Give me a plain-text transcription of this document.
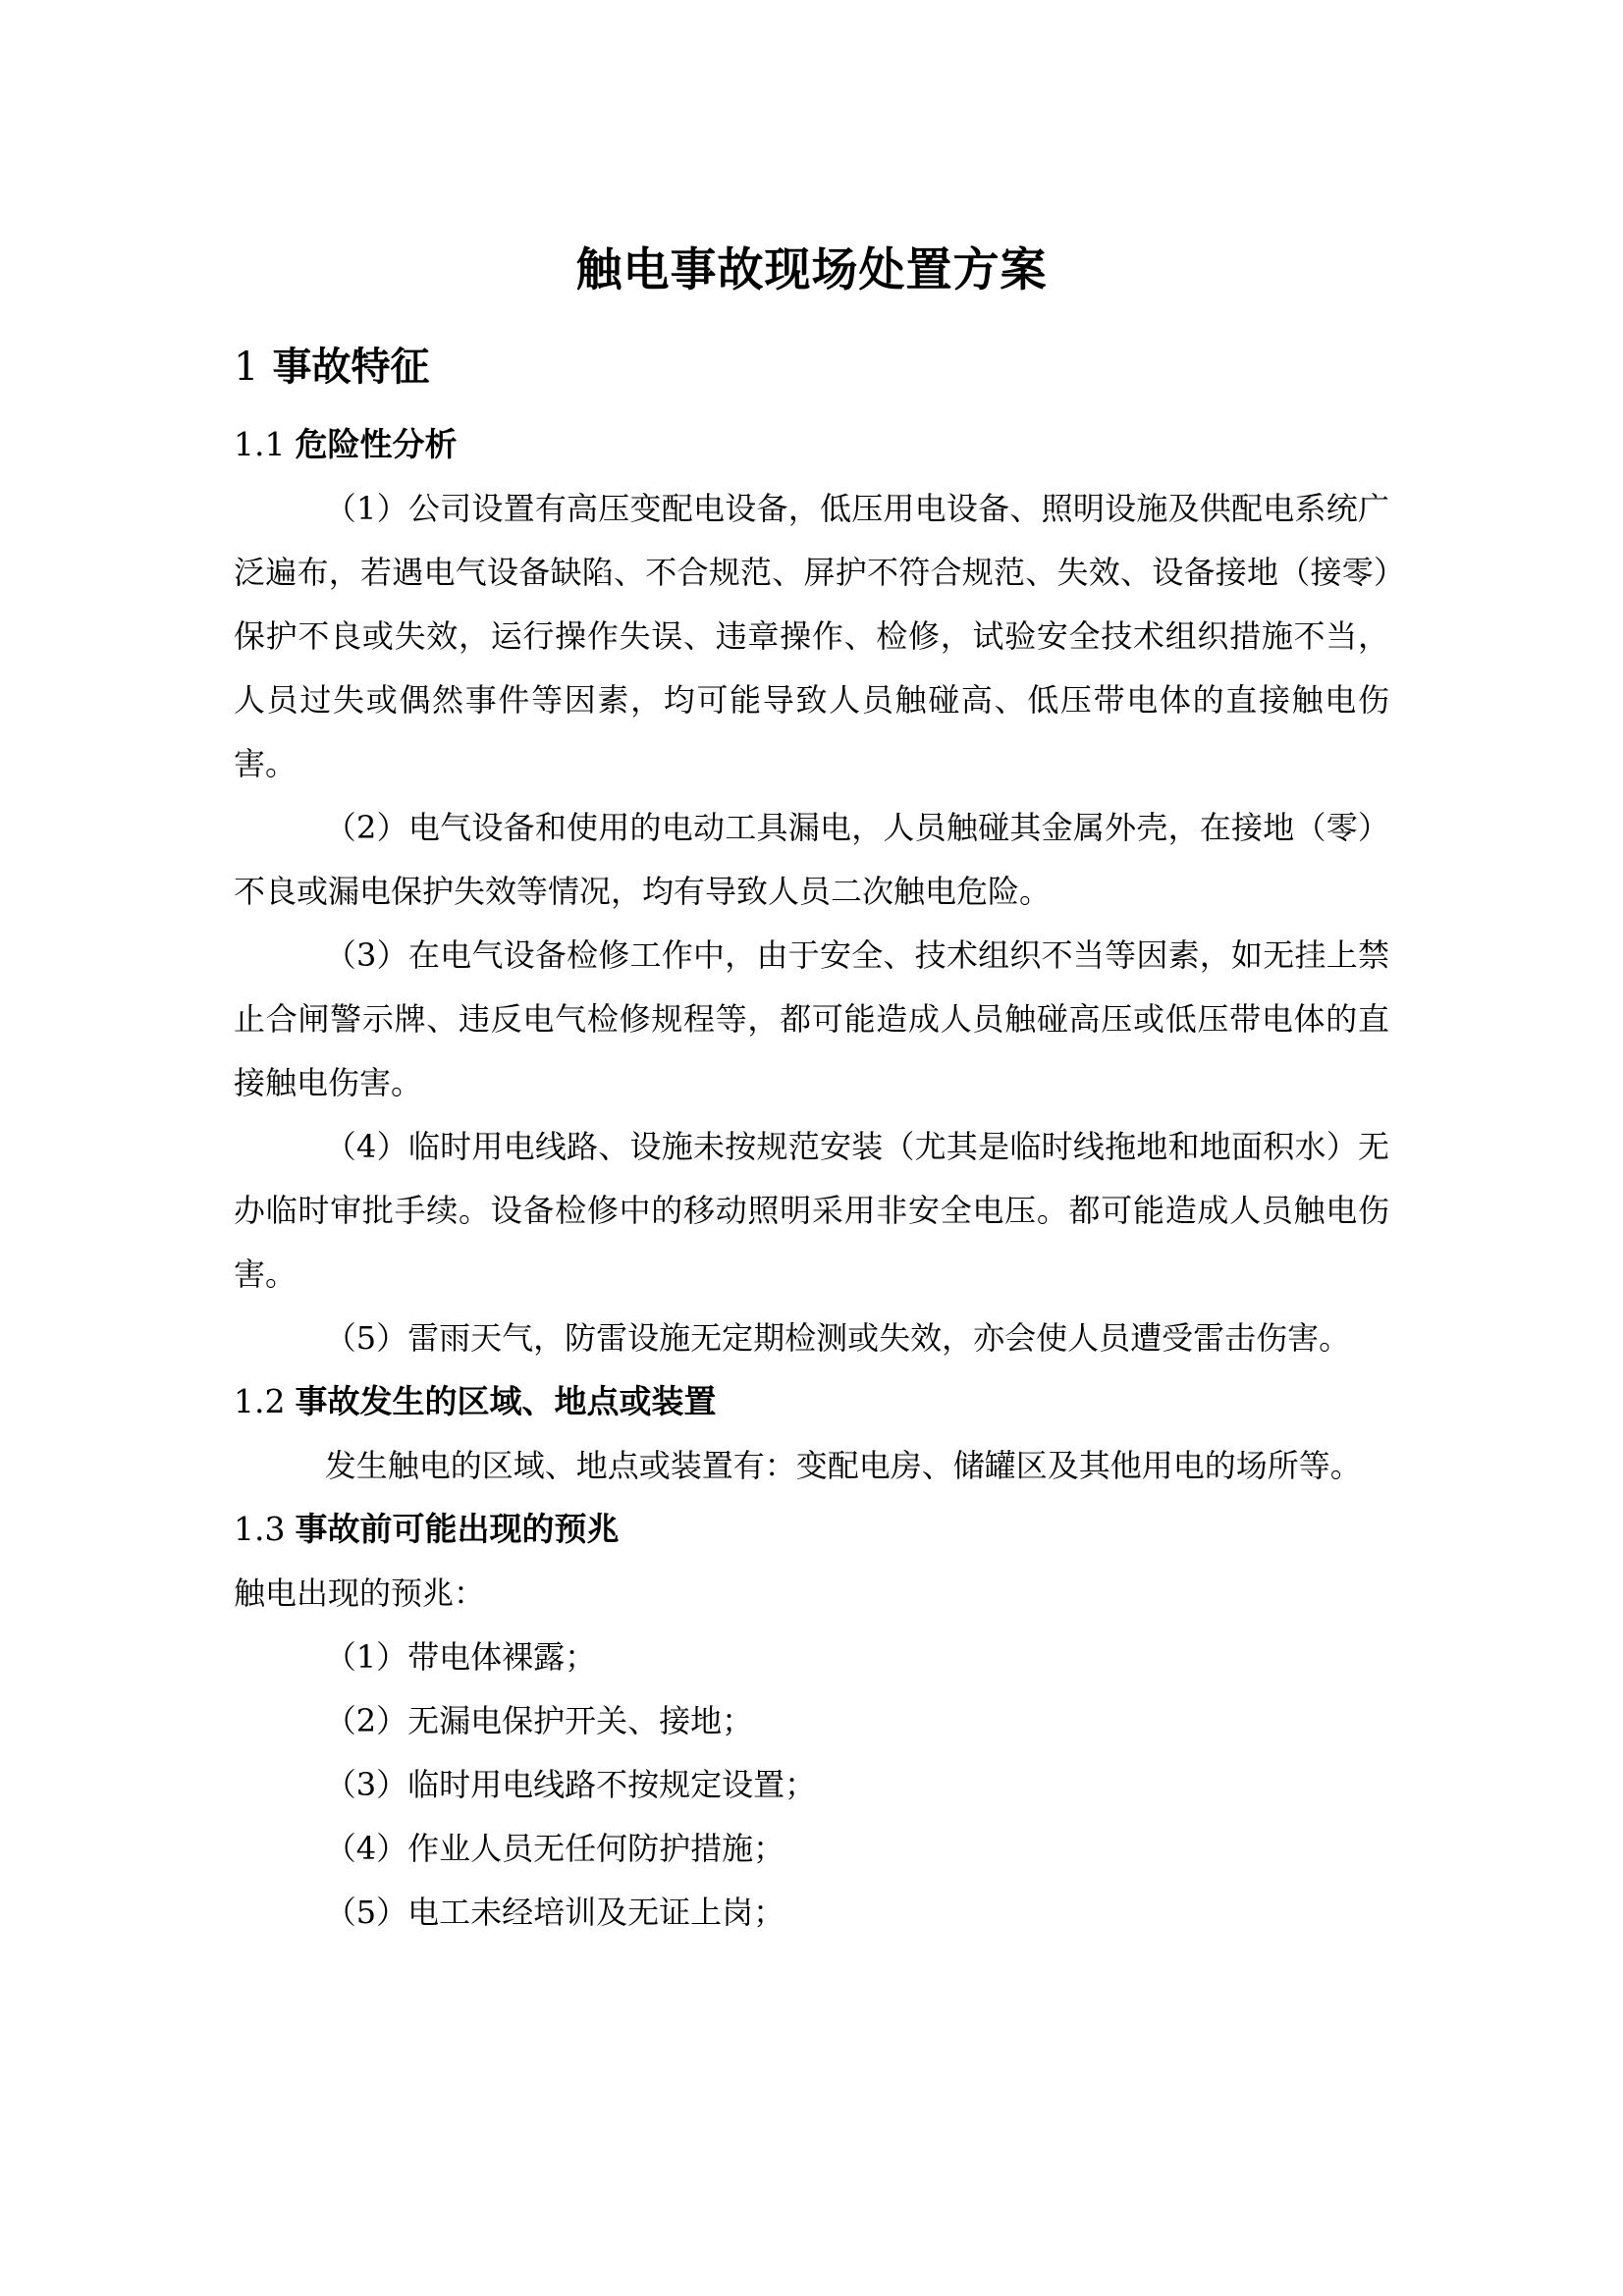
触电事故现场处置方案
1 事故特征
1.1 危险性分析

（1）公司设置有高压变配电设备，低压用电设备、照明设施及供配电系统广泛遍布，若遇电气设备缺陷、不合规范、屏护不符合规范、失效、设备接地（接零）保护不良或失效，运行操作失误、违章操作、检修，试验安全技术组织措施不当，人员过失或偶然事件等因素，均可能导致人员触碰高、低压带电体的直接触电伤害。

（2）电气设备和使用的电动工具漏电，人员触碰其金属外壳，在接地（零）不良或漏电保护失效等情况，均有导致人员二次触电危险。

（3）在电气设备检修工作中，由于安全、技术组织不当等因素，如无挂上禁止合闸警示牌、违反电气检修规程等，都可能造成人员触碰高压或低压带电体的直接触电伤害。

（4）临时用电线路、设施未按规范安装（尤其是临时线拖地和地面积水）无办临时审批手续。设备检修中的移动照明采用非安全电压。都可能造成人员触电伤害。

（5）雷雨天气，防雷设施无定期检测或失效，亦会使人员遭受雷击伤害。

1.2 事故发生的区域、地点或装置

发生触电的区域、地点或装置有：变配电房、储罐区及其他用电的场所等。

1.3 事故前可能出现的预兆

触电出现的预兆：

（1）带电体裸露；

（2）无漏电保护开关、接地；

（3）临时用电线路不按规定设置；

（4）作业人员无任何防护措施；

（5）电工未经培训及无证上岗；
